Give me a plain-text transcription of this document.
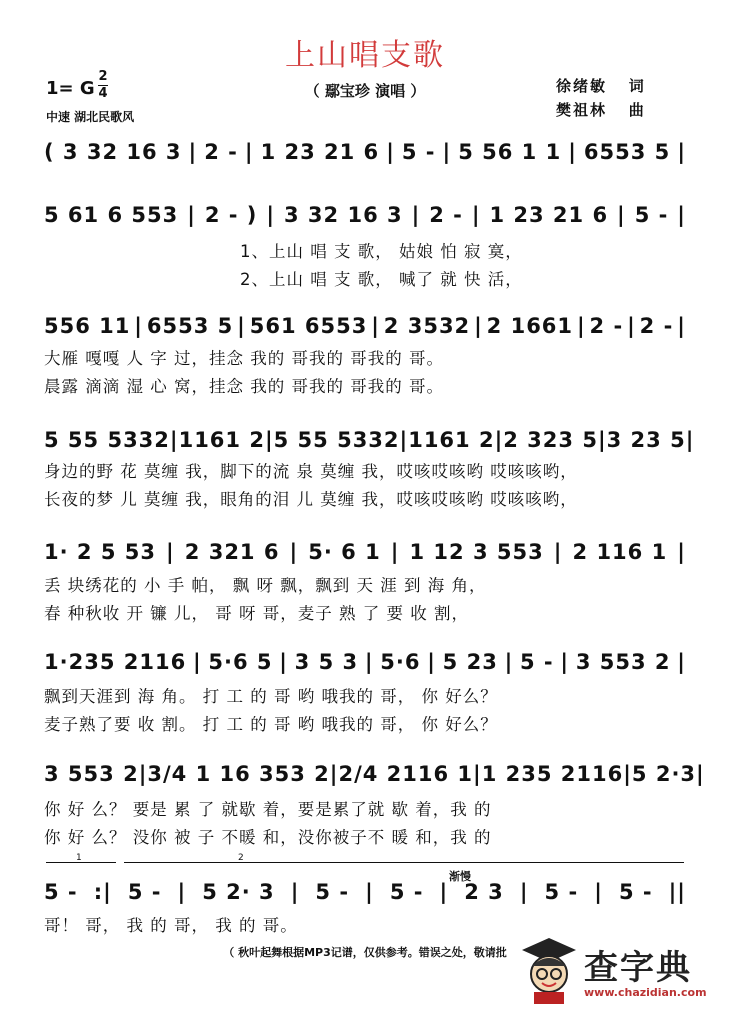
上山唱支歌
1= G
2
4
中速 湖北民歌风
（ 鄢宝珍 演唱 ）	徐绪敏 词
樊祖林 曲
( 3 32 16 3 | 2 - | 1 23 21 6 | 5 - | 5 56 1 1 | 6553 5 |
5 61 6 553 | 2 - ) | 3 32 16 3 | 2 - | 1 23 21 6 | 5 - |
556 11 | 6553 5 | 561 6553 | 2 3532 | 2 1661 | 2 - | 2 - |
5 55 5332 | 1161 2 | 5 55 5332 | 1161 2 | 2 323 5 | 3 23 5 |
1· 2 5 53 | 2 321 6 | 5· 6 1 | 1 12 3 553 | 2 116 1 |
1·235 2116 | 5·6 5 | 3 5 3 | 5·6 | 5 23 | 5 - | 3 553 2 |
3 553 2 | 3/4 1 16 353 2 | 2/4 2116 1 | 1 235 2116 | 5 2·3 |
5 - :| 5 - | 5 2· 3 | 5 - | 5 - | 2 3 | 5 - | 5 - ||
1、上山 唱 支 歌， 姑娘 怕 寂 寞，
2、上山 唱 支 歌， 喊了 就 快 活，
大雁 嘎嘎 人 字 过，挂念 我的 哥我的 哥我的 哥。
晨露 滴滴 湿 心 窝，挂念 我的 哥我的 哥我的 哥。
身边的野 花 莫缠 我，脚下的流 泉 莫缠 我，哎咳哎咳哟 哎咳咳哟，
长夜的梦 儿 莫缠 我，眼角的泪 儿 莫缠 我，哎咳哎咳哟 哎咳咳哟，
丢 块绣花的 小 手 帕， 飘 呀 飘，飘到 天 涯 到 海 角，
春 种秋收 开 镰 儿， 哥 呀 哥，麦子 熟 了 要 收 割，
飘到天涯到 海 角。 打 工 的 哥 哟 哦我的 哥， 你 好么？
麦子熟了要 收 割。 打 工 的 哥 哟 哦我的 哥， 你 好么？
你 好 么？ 要是 累 了 就歇 着，要是累了就 歇 着，我 的
你 好 么？ 没你 被 子 不暖 和，没你被子不 暖 和，我 的
哥！ 哥， 我 的 哥， 我 的 哥。
1	2
渐慢
（ 秋叶起舞根据MP3记谱，仅供参考。错误之处，敬请批	查字典
www.chazidian.com
